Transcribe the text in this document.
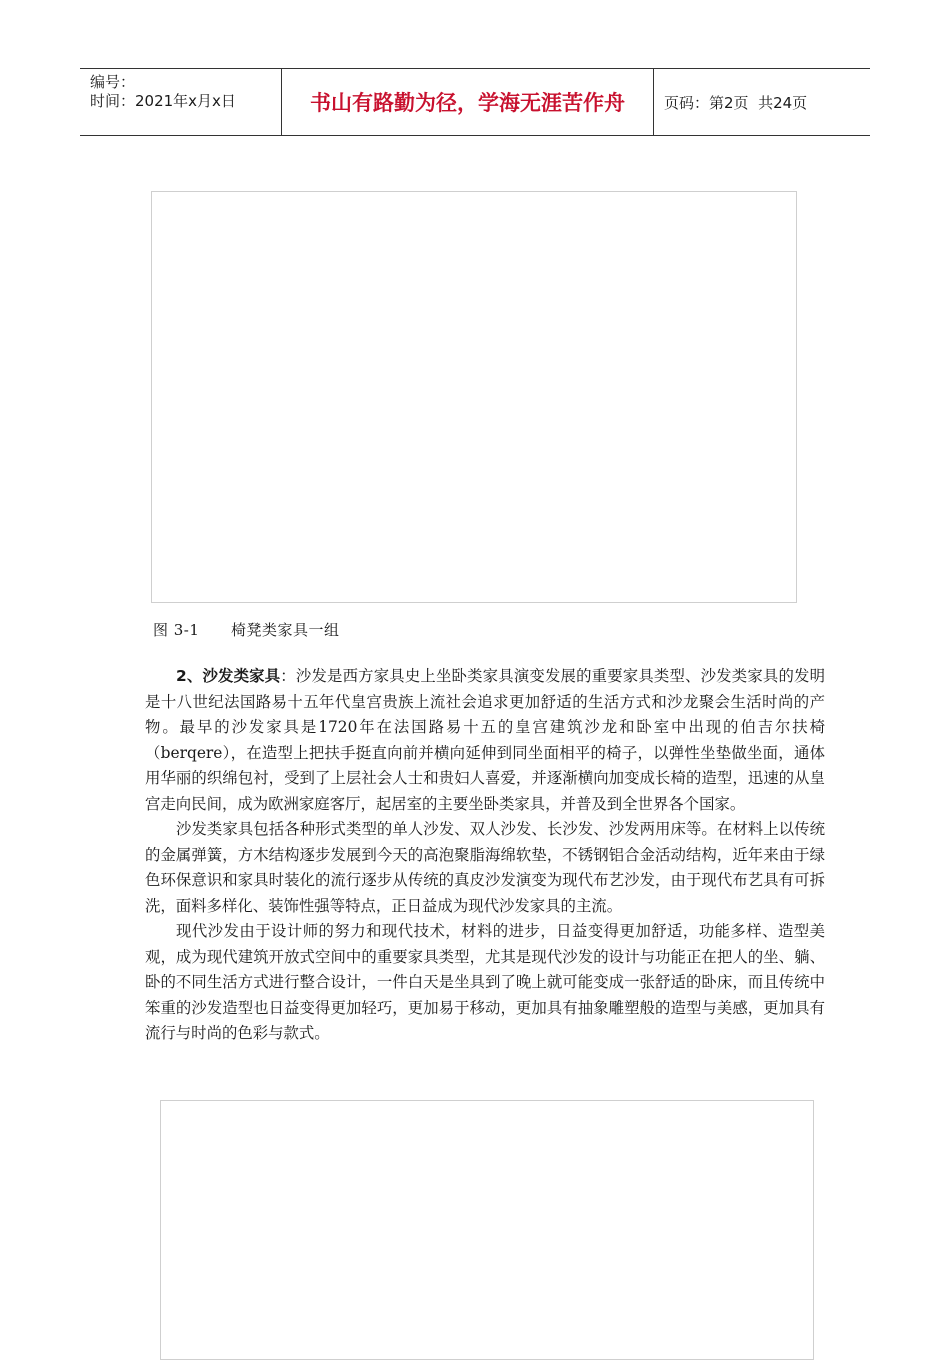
编号：
时间：2021年x月x日	书山有路勤为径，学海无涯苦作舟	页码：第2页  共24页
图 3-1      椅凳类家具一组

2、沙发类家具：沙发是西方家具史上坐卧类家具演变发展的重要家具类型、沙发类家具的发明是十八世纪法国路易十五年代皇宫贵族上流社会追求更加舒适的生活方式和沙龙聚会生活时尚的产物。最早的沙发家具是1720年在法国路易十五的皇宫建筑沙龙和卧室中出现的伯吉尔扶椅（berqere），在造型上把扶手挺直向前并横向延伸到同坐面相平的椅子，以弹性坐垫做坐面，通体用华丽的织绵包衬，受到了上层社会人士和贵妇人喜爱，并逐渐横向加变成长椅的造型，迅速的从皇宫走向民间，成为欧洲家庭客厅，起居室的主要坐卧类家具，并普及到全世界各个国家。

沙发类家具包括各种形式类型的单人沙发、双人沙发、长沙发、沙发两用床等。在材料上以传统的金属弹簧，方木结构逐步发展到今天的高泡聚脂海绵软垫，不锈钢铝合金活动结构，近年来由于绿色环保意识和家具时装化的流行逐步从传统的真皮沙发演变为现代布艺沙发，由于现代布艺具有可拆洗，面料多样化、装饰性强等特点，正日益成为现代沙发家具的主流。

现代沙发由于设计师的努力和现代技术，材料的进步，日益变得更加舒适，功能多样、造型美观，成为现代建筑开放式空间中的重要家具类型，尤其是现代沙发的设计与功能正在把人的坐、躺、卧的不同生活方式进行整合设计，一件白天是坐具到了晚上就可能变成一张舒适的卧床，而且传统中笨重的沙发造型也日益变得更加轻巧，更加易于移动，更加具有抽象雕塑般的造型与美感，更加具有流行与时尚的色彩与款式。
